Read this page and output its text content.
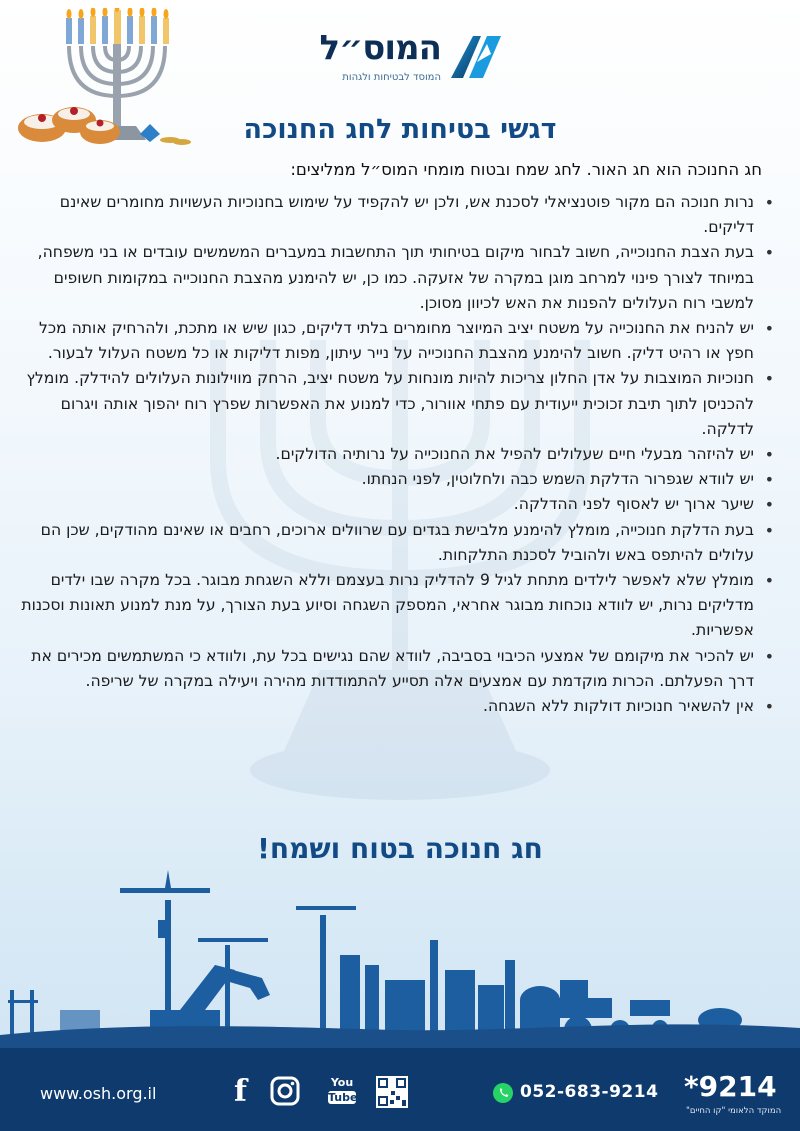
המוס״ל
המוסד לבטיחות ולגהות
דגשי בטיחות לחג החנוכה
חג החנוכה הוא חג האור. לחג שמח ובטוח מומחי המוס״ל ממליצים:
• נרות חנוכה הם מקור פוטנציאלי לסכנת אש, ולכן יש להקפיד על שימוש בחנוכיות העשויות מחומרים שאינם דליקים.
• בעת הצבת החנוכייה, חשוב לבחור מיקום בטיחותי תוך התחשבות במעברים המשמשים עובדים או בני משפחה, במיוחד לצורך פינוי למרחב מוגן במקרה של אזעקה. כמו כן, יש להימנע מהצבת החנוכייה במקומות חשופים למשבי רוח העלולים להפנות את האש לכיוון מסוכן.
• יש להניח את החנוכייה על משטח יציב המיוצר מחומרים בלתי דליקים, כגון שיש או מתכת, ולהרחיק אותה מכל חפץ או רהיט דליק. חשוב להימנע מהצבת החנוכייה על נייר עיתון, מפות דליקות או כל משטח העלול לבעור.
• חנוכיות המוצבות על אדן החלון צריכות להיות מונחות על משטח יציב, הרחק מווילונות העלולים להידלק. מומלץ להכניסן לתוך תיבת זכוכית ייעודית עם פתחי אוורור, כדי למנוע את האפשרות שפרץ רוח יהפוך אותה ויגרום לדלקה.
• יש להיזהר מבעלי חיים שעלולים להפיל את החנוכייה על נרותיה הדולקים.
• יש לוודא שגפרור הדלקת השמש כבה ולחלוטין, לפני הנחתו.
• שיער ארוך יש לאסוף לפני ההדלקה.
• בעת הדלקת חנוכייה, מומלץ להימנע מלבישת בגדים עם שרוולים ארוכים, רחבים או שאינם מהודקים, שכן הם עלולים להיתפס באש ולהוביל לסכנת התלקחות.
• מומלץ שלא לאפשר לילדים מתחת לגיל 9 להדליק נרות בעצמם וללא השגחת מבוגר. בכל מקרה שבו ילדים מדליקים נרות, יש לוודא נוכחות מבוגר אחראי, המספק השגחה וסיוע בעת הצורך, על מנת למנוע תאונות וסכנות אפשריות.
• יש להכיר את מיקומם של אמצעי הכיבוי בסביבה, לוודא שהם נגישים בכל עת, ולוודא כי המשתמשים מכירים את דרך הפעלתם. הכרות מוקדמת עם אמצעים אלה תסייע להתמודדות מהירה ויעילה במקרה של שריפה.
• אין להשאיר חנוכיות דולקות ללא השגחה.
חג חנוכה בטוח ושמח!
www.osh.org.il	f	You
Tube	052-683-9214 *9214
המוקד הלאומי "קו החיים"
